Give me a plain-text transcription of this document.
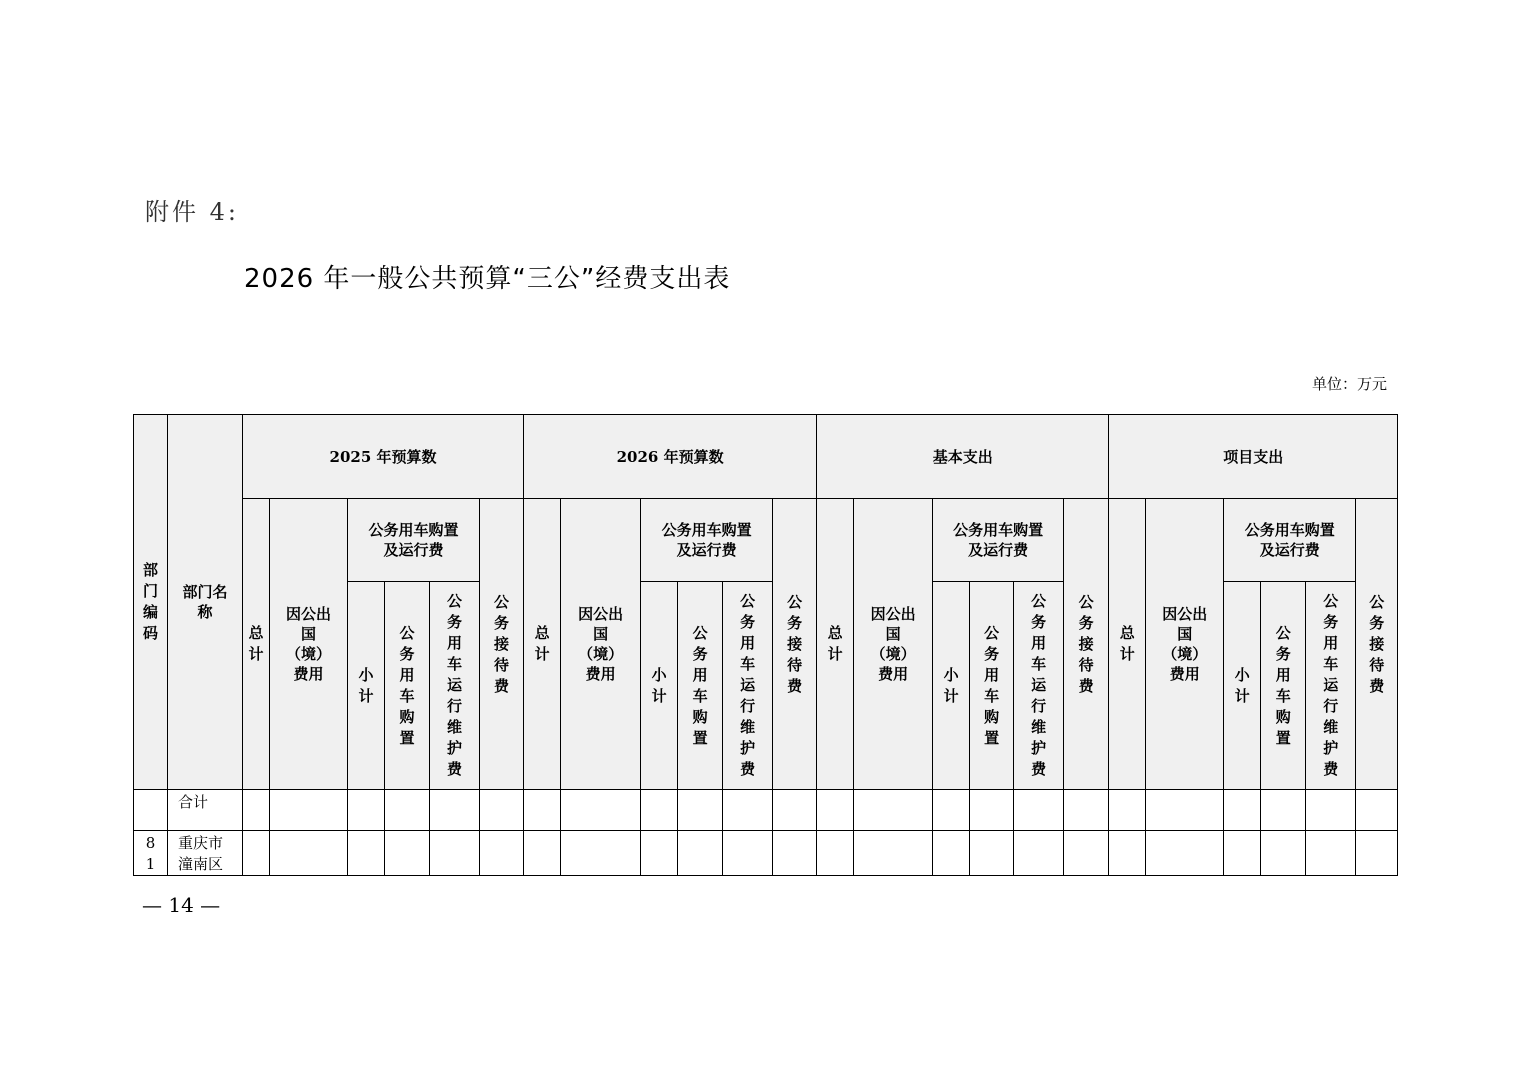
附件 4:
2026 年一般公共预算“三公”经费支出表
单位：万元
部门编码	部门名称	2025 年预算数						2026 年预算数						基本支出						项目支出					
		总计	因公出国（境）费用	公务用车购置及运行费			公务接待费	总计	因公出国（境）费用	公务用车购置及运行费			公务接待费	总计	因公出国（境）费用	公务用车购置及运行费			公务接待费	总计	因公出国（境）费用	公务用车购置及运行费			公务接待费
				小计	公务用车购置	公务用车运行维护费				小计	公务用车购置	公务用车运行维护费				小计	公务用车购置	公务用车运行维护费				小计	公务用车购置	公务用车运行维护费	
	合计																								

81	重庆市潼南区																								

— 14 —
